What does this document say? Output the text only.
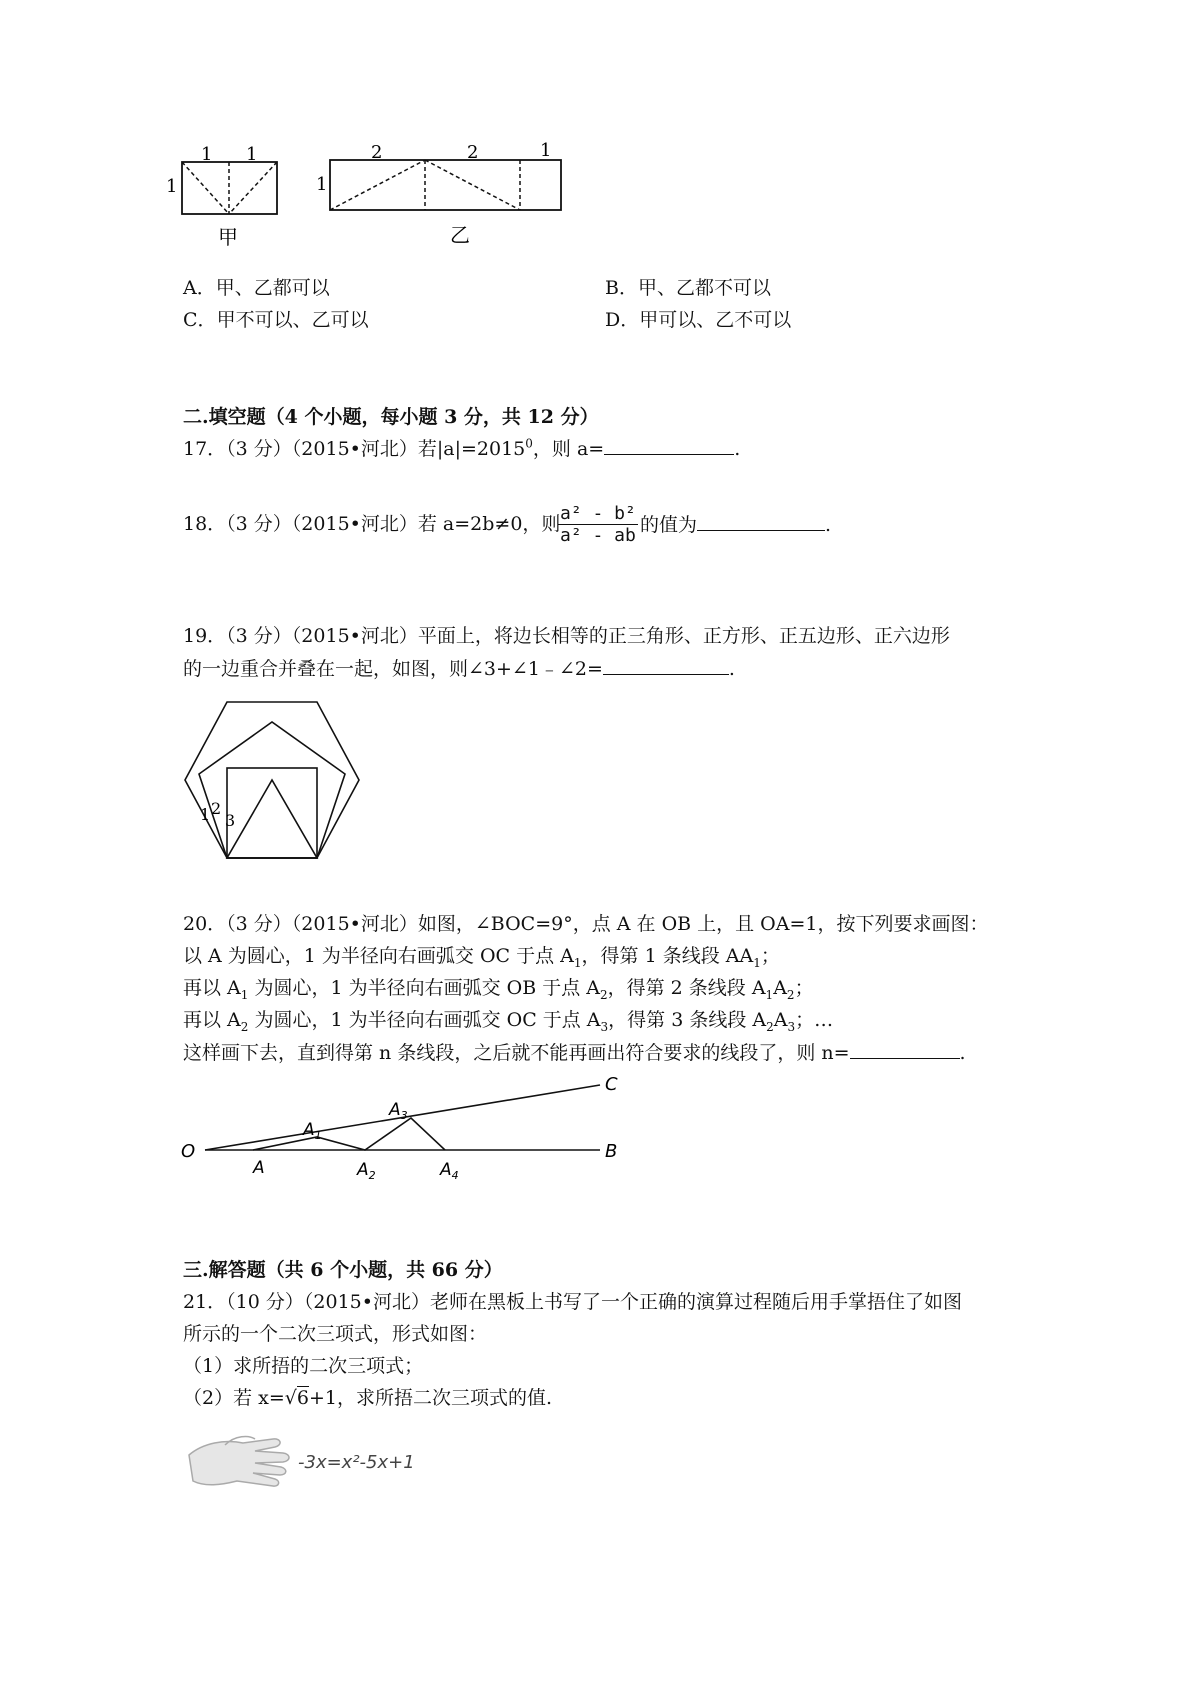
1 1
1
甲
2	2	1
1
乙
A．甲、乙都可以	B．甲、乙都不可以
C．甲不可以、乙可以	D．甲可以、乙不可以
二.填空题（4 个小题，每小题 3 分，共 12 分）
17．（3 分）（2015•河北）若$|a|=2015^0$，则 a=	.
18．（3 分）（2015•河北）若 a=2b≠0，则
$\frac{\text{a² - b²}}{\text{a² - ab}}$ 的值为	.
19．（3 分）（2015•河北）平面上，将边长相等的正三角形、正方形、正五边形、正六边形
的一边重合并叠在一起，如图，则∠3+∠1﹣∠2=	.
1 2
3
20．（3 分）（2015•河北）如图，∠BOC=9°，点 A 在 OB 上，且 OA=1，按下列要求画图：
以 A 为圆心，1 为半径向右画弧交 OC 于点 $A_1$，得第 1 条线段 $AA_1$；
再以 $A_1$ 为圆心，1 为半径向右画弧交 OB 于点 $A_2$，得第 2 条线段 $A_1A_2$；
再以 $A_2$ 为圆心，1 为半径向右画弧交 OC 于点 $A_3$，得第 3 条线段 $A_2A_3$；…
这样画下去，直到得第 n 条线段，之后就不能再画出符合要求的线段了，则 n=	.
O
C
B
A
$A_1$
$A_2$
$A_3$
$A_4$
三.解答题（共 6 个小题，共 66 分）
21．（10 分）（2015•河北）老师在黑板上书写了一个正确的演算过程随后用手掌捂住了如图
所示的一个二次三项式，形式如图：
（1）求所捂的二次三项式；
（2）若 x=√6+1，求所捂二次三项式的值.
-3x=x²-5x+1
